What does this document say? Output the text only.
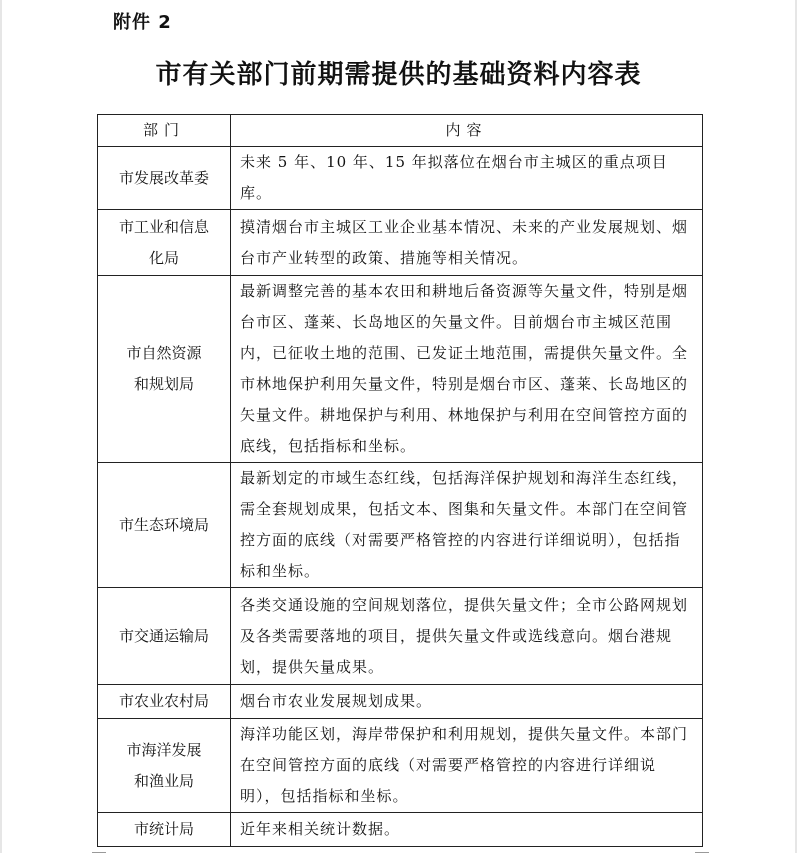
附件 2
市有关部门前期需提供的基础资料内容表
部门	内容
市发展改革委	未来 5 年、10 年、15 年拟落位在烟台市主城区的重点项目库。
市工业和信息化局	摸清烟台市主城区工业企业基本情况、未来的产业发展规划、烟台市产业转型的政策、措施等相关情况。
市自然资源和规划局	最新调整完善的基本农田和耕地后备资源等矢量文件，特别是烟台市区、蓬莱、长岛地区的矢量文件。目前烟台市主城区范围内，已征收土地的范围、已发证土地范围，需提供矢量文件。全市林地保护利用矢量文件，特别是烟台市区、蓬莱、长岛地区的矢量文件。耕地保护与利用、林地保护与利用在空间管控方面的底线，包括指标和坐标。
市生态环境局	最新划定的市域生态红线，包括海洋保护规划和海洋生态红线，需全套规划成果，包括文本、图集和矢量文件。本部门在空间管控方面的底线（对需要严格管控的内容进行详细说明），包括指标和坐标。
市交通运输局	各类交通设施的空间规划落位，提供矢量文件；全市公路网规划及各类需要落地的项目，提供矢量文件或选线意向。烟台港规划，提供矢量成果。
市农业农村局	烟台市农业发展规划成果。
市海洋发展和渔业局	海洋功能区划，海岸带保护和利用规划，提供矢量文件。本部门在空间管控方面的底线（对需要严格管控的内容进行详细说明），包括指标和坐标。
市统计局	近年来相关统计数据。
